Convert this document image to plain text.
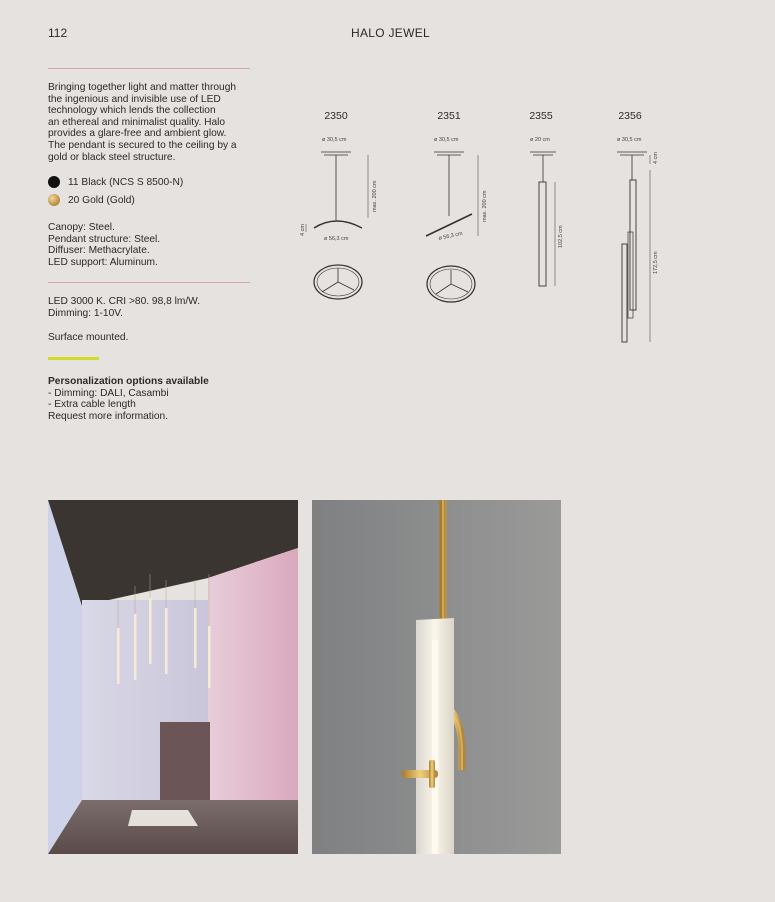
112	HALO JEWEL
Bringing together light and matter through
the ingenious and invisible use of LED
technology which lends the collection
an ethereal and minimalist quality. Halo
provides a glare-free and ambient glow.
The pendant is secured to the ceiling by a
gold or black steel structure.
11 Black (NCS S 8500-N)
20 Gold (Gold)
Canopy: Steel.
Pendant structure: Steel.
Diffuser: Methacrylate.
LED support: Aluminum.
LED 3000 K. CRI >80. 98,8 lm/W.
Dimming: 1-10V.
Surface mounted.
Personalization options available
- Dimming: DALI, Casambi
- Extra cable length
Request more information.
2350	2351	2355	2356
ø 30,5 cm	ø 30,5 cm	ø 20 cm	ø 30,5 cm
max. 200 cm	max. 200 cm
4 cm
ø 56,3 cm	ø 56,3 cm	102,5 cm
4 cm
172,5 cm
